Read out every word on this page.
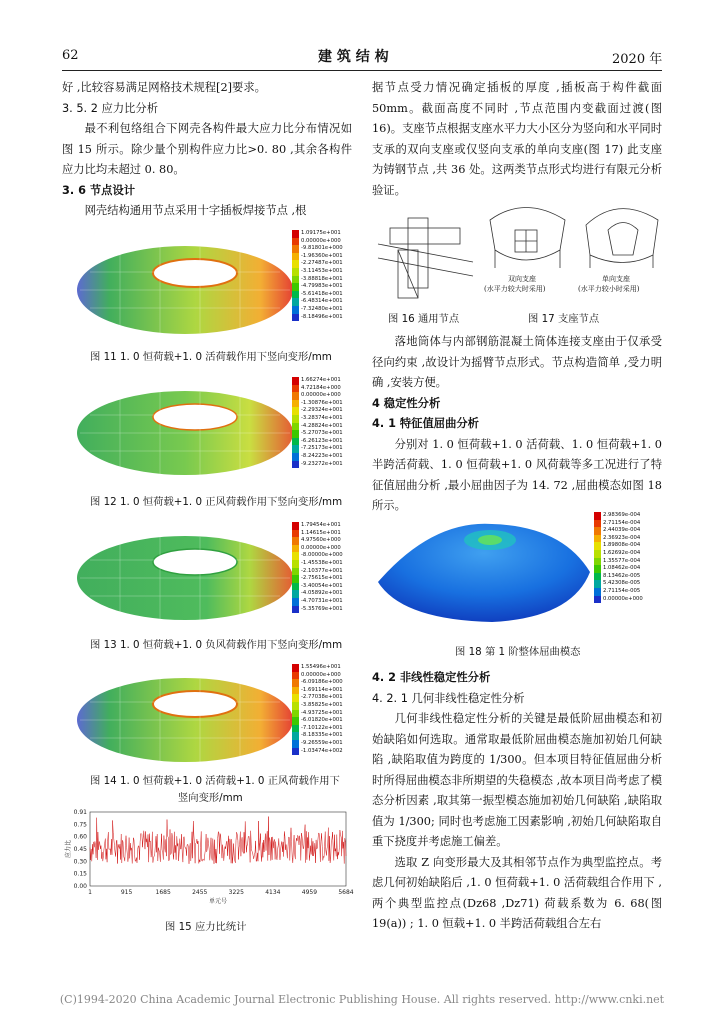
62	建 筑 结 构	2020 年

好 ,比较容易满足网格技术规程[2]要求。

3. 5. 2 应力比分析

最不利包络组合下网壳各构件最大应力比分布情况如图 15 所示。除少量个别构件应力比>0. 80 ,其余各构件应力比均未超过 0. 80。

3. 6 节点设计

网壳结构通用节点采用十字插板焊接节点 ,根

1.09175e+001
0.00000e+000
-9.81801e+000
-1.96360e+001
-2.27487e+001
-3.11453e+001
-3.88818e+001
-4.79983e+001
-5.61418e+001
-6.48314e+001
-7.32480e+001
-8.18496e+001
图 11 1. 0 恒荷载+1. 0 活荷载作用下竖向变形/mm
1.66274e+001
4.72184e+000
0.00000e+000
-1.30876e+001
-2.29324e+001
-3.28374e+001
-4.28824e+001
-5.27073e+001
-6.26123e+001
-7.25173e+001
-8.24223e+001
-9.23272e+001
图 12 1. 0 恒荷载+1. 0 正风荷载作用下竖向变形/mm
1.79454e+001
1.14615e+001
4.97560e+000
0.00000e+000
-8.00000e+000
-1.45538e+001
-2.10377e+001
-2.75615e+001
-3.40054e+001
-4.05892e+001
-4.70731e+001
-5.35769e+001
图 13 1. 0 恒荷载+1. 0 负风荷载作用下竖向变形/mm
1.55496e+001
0.00000e+000
-6.09186e+000
-1.69114e+001
-2.77038e+001
-3.85825e+001
-4.93725e+001
-6.01820e+001
-7.10122e+001
-8.18335e+001
-9.26559e+001
-1.03474e+002
图 14 1. 0 恒荷载+1. 0 活荷载+1. 0 正风荷载作用下
竖向变形/mm
0.00
0.15
0.30
0.45
0.60
0.75
0.91
1	915	1685	2455	3225	4134	4959	5684
应力比
单元号
图 15 应力比统计

据节点受力情况确定插板的厚度 ,插板高于构件截面 50mm。截面高度不同时 ,节点范围内变截面过渡(图 16)。支座节点根据支座水平力大小区分为竖向和水平同时支承的双向支座或仅竖向支承的单向支座(图 17) 此支座为铸钢节点 ,共 36 处。这两类节点形式均进行有限元分析验证。

双向支座
(水平力较大时采用)
单向支座
(水平力较小时采用)
图 16 通用节点	图 17 支座节点

落地筒体与内部钢筋混凝土筒体连接支座由于仅承受径向约束 ,故设计为摇臂节点形式。节点构造简单 ,受力明确 ,安装方便。

4 稳定性分析

4. 1 特征值屈曲分析

分别对 1. 0 恒荷载+1. 0 活荷载、1. 0 恒荷载+1. 0 半跨活荷载、1. 0 恒荷载+1. 0 风荷载等多工况进行了特征值屈曲分析 ,最小屈曲因子为 14. 72 ,屈曲模态如图 18 所示。

2.98369e-004
2.71154e-004
2.44039e-004
2.36923e-004
1.89808e-004
1.62692e-004
1.35577e-004
1.08462e-004
8.13462e-005
5.42308e-005
2.71154e-005
0.00000e+000
图 18 第 1 阶整体屈曲模态

4. 2 非线性稳定性分析

4. 2. 1 几何非线性稳定性分析

几何非线性稳定性分析的关键是最低阶屈曲模态和初始缺陷如何选取。通常取最低阶屈曲模态施加初始几何缺陷 ,缺陷取值为跨度的 1/300。但本项目特征值屈曲分析时所得屈曲模态非所期望的失稳模态 ,故本项目尚考虑了模态分析因素 ,取其第一振型模态施加初始几何缺陷 ,缺陷取值为 1/300; 同时也考虑施工因素影响 ,初始几何缺陷取自重下挠度并考虑施工偏差。

选取 Z 向变形最大及其相邻节点作为典型监控点。考虑几何初始缺陷后 ,1. 0 恒荷载+1. 0 活荷载组合作用下 ,两个典型监控点(Dz68 ,Dz71) 荷载系数为 6. 68(图 19(a)) ; 1. 0 恒载+1. 0 半跨活荷载组合左右

(C)1994-2020 China Academic Journal Electronic Publishing House. All rights reserved. http://www.cnki.net
